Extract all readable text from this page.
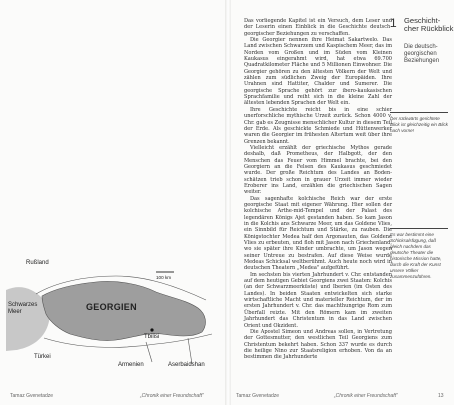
Rußland
100 km
Schwarzes
Meer	GEORGIEN
Tbilisi
Türkei
Armenien	Aserbaidshan
Tamaz Gvenetadze	„Chronik einer Freundschaft"

Das vorliegende Kapitel ist ein Versuch, dem Leser und der Leserin einen Einblick in die Geschichte deutsch-georgischer Beziehungen zu verschaffen.

Die Georgier nennen ihre Heimat Sakartwelo. Das Land zwischen Schwarzem und Kaspischem Meer, das im Norden vom Großen und im Süden vom Kleinen Kaukasus eingerahmt wird, hat etwa 69.700 Quadratkilometer Fläche und 5 Millionen Einwohner. Die Georgier gehören zu den ältesten Völkern der Welt und zählen zum südlichen Zweig der Europäiden. Ihre Urahnen sind Hattiter, Chalder und Sumerer. Die georgische Sprache gehört zur ibero-kaukasischen Sprachfamilie und reiht sich in die kleine Zahl der ältesten lebenden Sprachen der Welt ein.

Ihre Geschichte reicht bis in eine schier unerforschliche mythische Urzeit zurück. Schon 4000 v. Chr. gab es Zeugnisse menschlicher Kultur in diesem Teil der Erde. Als geschickte Schmiede und Hüttenwerker waren die Georgier im frühesten Altertum weit über ihre Grenzen bekannt.

Vielleicht erzählt der griechische Mythos gerade deshalb, daß Prometheus, der Halbgott, der den Menschen das Feuer vom Himmel brachte, bei den Georgiern an die Felsen des Kaukasus geschmiedet wurde. Der große Reichtum des Landes an Boden-schätzen trieb schon in grauer Urzeit immer wieder Eroberer ins Land, erzählen die griechischen Sagen weiter.

Das sagenhafte kolchische Reich war der erste georgische Staat mit eigener Währung. Hier sollen der kolchische Arthe-mid-Tempel und der Palast des legendären Königs Ajet gestanden haben. So kam Jason in die Kolchis ans Schwarze Meer, um das Goldene Vlies, ein Sinnbild für Reichtum und Stärke, zu rauben. Die Königstochter Medea half den Argonauten, das Goldene Vlies zu erbeuten, und floh mit Jason nach Griechenland, wo sie später ihre Kinder umbrachte, um Jason wegen seiner Untreue zu bestrafen. Auf diese Weise wurde Medeas Schicksal weltberühmt. Auch heute noch wird in deutschen Theatern „Medea" aufgeführt.

Im sechsten bis vierten Jahrhundert v. Chr. entstanden auf dem heutigen Gebiet Georgiens zwei Staaten: Kolchis (an der Schwarzmeerküste) und Iberien (im Osten des Landes). In beiden Staaten entwickelten sich starke wirtschaftliche Macht und materieller Reichtum, der im ersten Jahrhundert v. Chr. das machthungrige Rom zum Überfall reizte. Mit den Römern kam im zweiten Jahrhundert das Christentum in das Land zwischen Orient und Okzident.

Die Apostel Simeon und Andreas sollen, in Vertretung der Gottesmutter, den westlichen Teil Georgiens zum Christentum bekehrt haben. Schon 337 wurde es durch die heilige Nino zur Staatsreligion erhoben. Von da an bestimmen die Jahrhunderte

1 Geschicht-
cher Rückblick
Die deutsch-
georgischen
Beziehungen
Der rückwärts gerichtete Blick ist gleichzeitig ein Blick nach vorne!
Es war bestimmt eine Schicksalsfügung, daß gleich nachdem das deutsche Theater die historische Mission hatte, durch die Kraft der Kunst unsere Völker zusammenzuführen.
Tamaz Gvenetadze	„Chronik einer Freundschaft"	13
